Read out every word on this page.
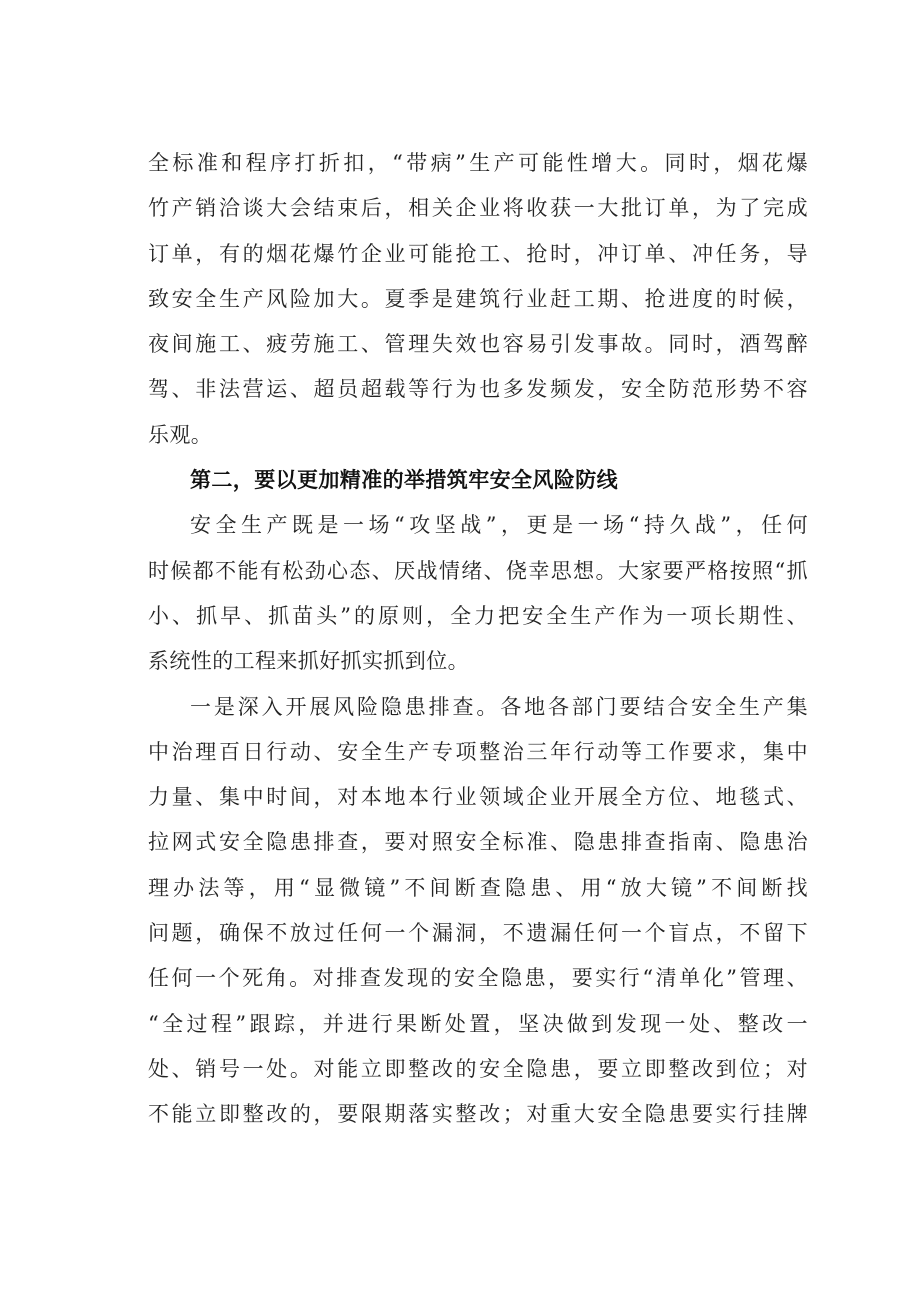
全标准和程序打折扣，“带病”生产可能性增大。同时，烟花爆
竹产销洽谈大会结束后，相关企业将收获一大批订单，为了完成
订单，有的烟花爆竹企业可能抢工、抢时，冲订单、冲任务，导
致安全生产风险加大。夏季是建筑行业赶工期、抢进度的时候，
夜间施工、疲劳施工、管理失效也容易引发事故。同时，酒驾醉
驾、非法营运、超员超载等行为也多发频发，安全防范形势不容
乐观。
第二，要以更加精准的举措筑牢安全风险防线
安全生产既是一场“攻坚战”，更是一场“持久战”，任何
时候都不能有松劲心态、厌战情绪、侥幸思想。大家要严格按照“抓
小、抓早、抓苗头”的原则，全力把安全生产作为一项长期性、
系统性的工程来抓好抓实抓到位。
一是深入开展风险隐患排查。各地各部门要结合安全生产集
中治理百日行动、安全生产专项整治三年行动等工作要求，集中
力量、集中时间，对本地本行业领域企业开展全方位、地毯式、
拉网式安全隐患排查，要对照安全标准、隐患排查指南、隐患治
理办法等，用“显微镜”不间断查隐患、用“放大镜”不间断找
问题，确保不放过任何一个漏洞，不遗漏任何一个盲点，不留下
任何一个死角。对排查发现的安全隐患，要实行“清单化”管理、
“全过程”跟踪，并进行果断处置，坚决做到发现一处、整改一
处、销号一处。对能立即整改的安全隐患，要立即整改到位；对
不能立即整改的，要限期落实整改；对重大安全隐患要实行挂牌
